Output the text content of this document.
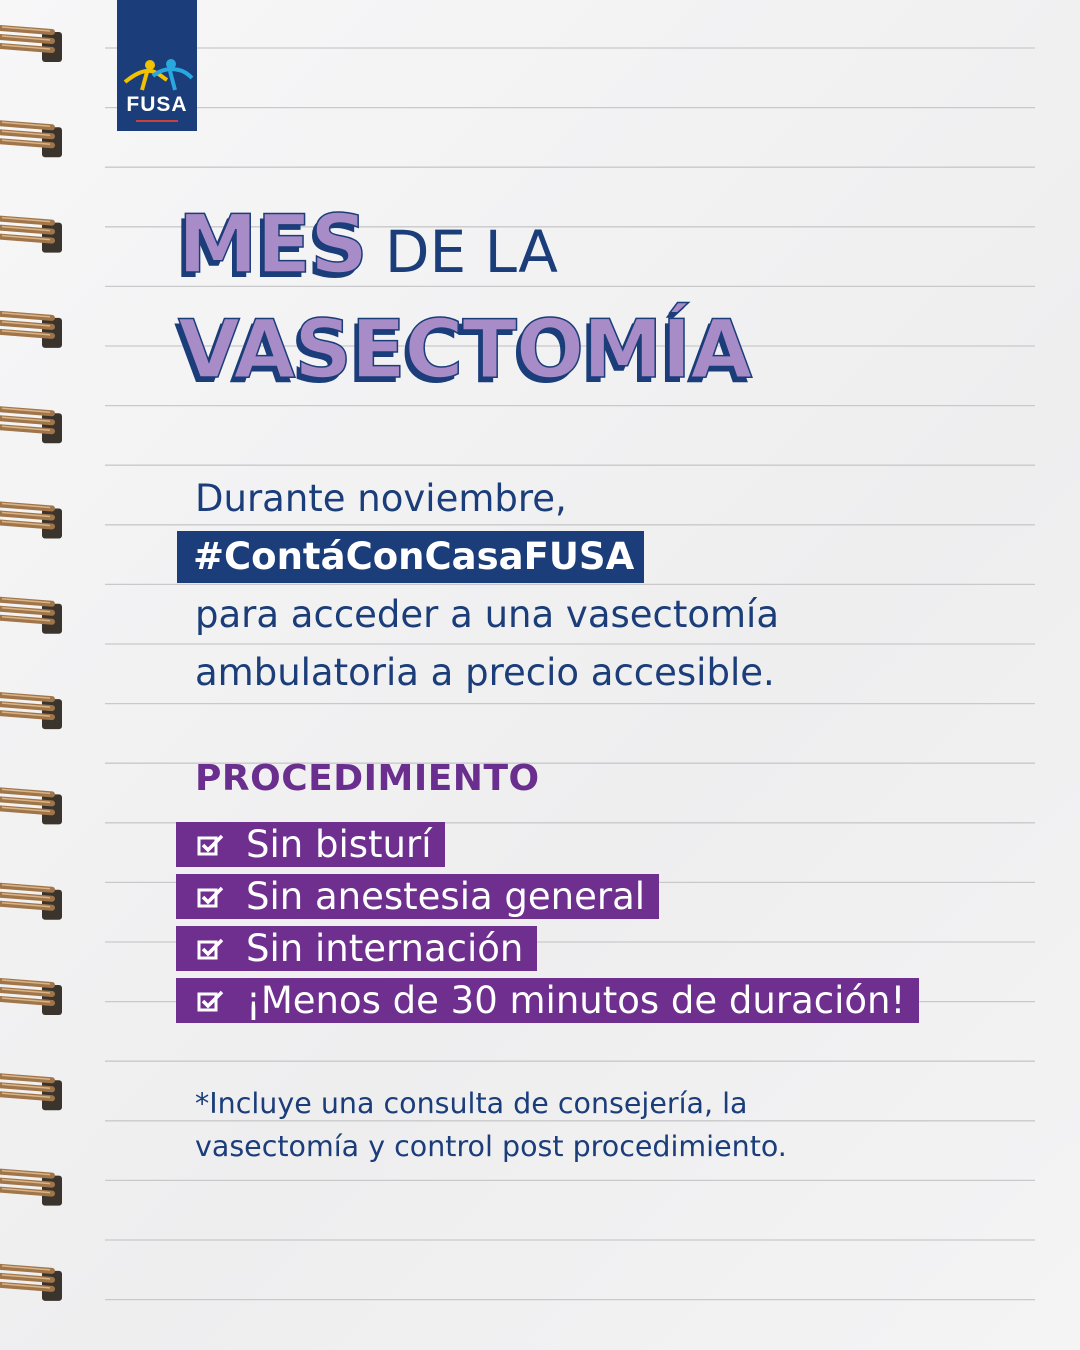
FUSA
MES DE LA
VASECTOMÍA
Durante noviembre,
#ContáConCasaFUSA
para acceder a una vasectomía
ambulatoria a precio accesible.
PROCEDIMIENTO
Sin bisturí
Sin anestesia general
Sin internación
¡Menos de 30 minutos de duración!
*Incluye una consulta de consejería, la
vasectomía y control post procedimiento.
